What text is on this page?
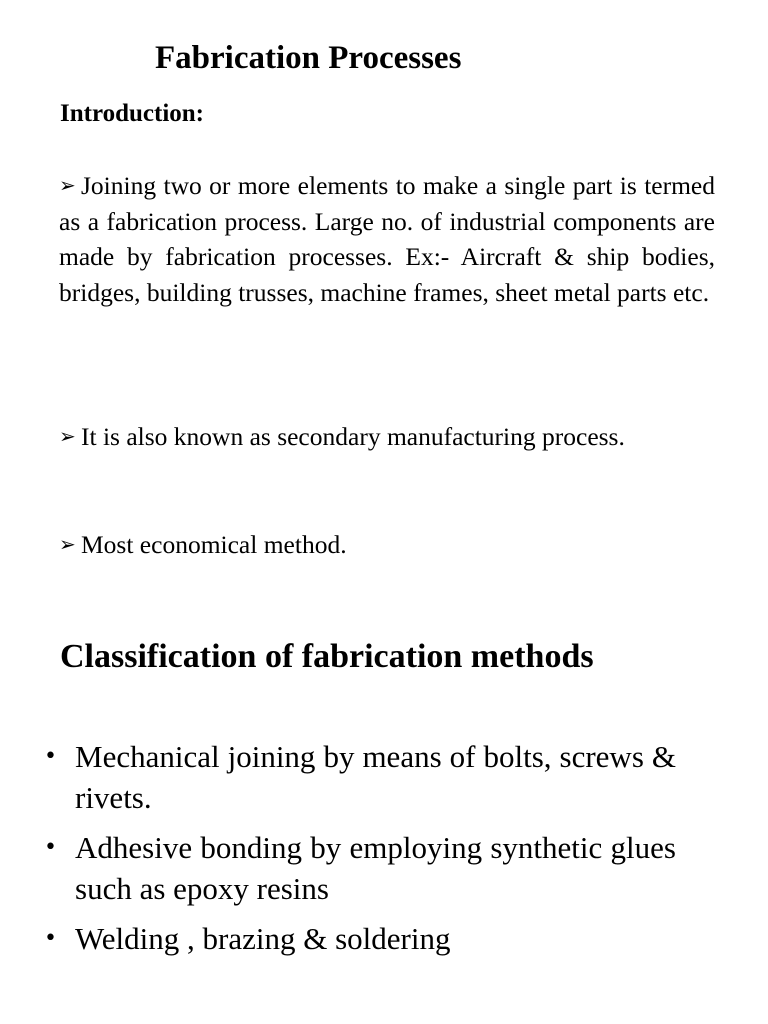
Fabrication Processes
Introduction:

➢ Joining two or more elements to make a single part is termed as a fabrication process. Large no. of industrial components are made by fabrication processes. Ex:- Aircraft & ship bodies, bridges, building trusses, machine frames, sheet metal parts etc.

➢ It is also known as secondary manufacturing process.

➢ Most economical method.

Classification of fabrication methods
• Mechanical joining by means of bolts, screws & rivets.
• Adhesive bonding by employing synthetic glues such as epoxy resins
• Welding , brazing & soldering
